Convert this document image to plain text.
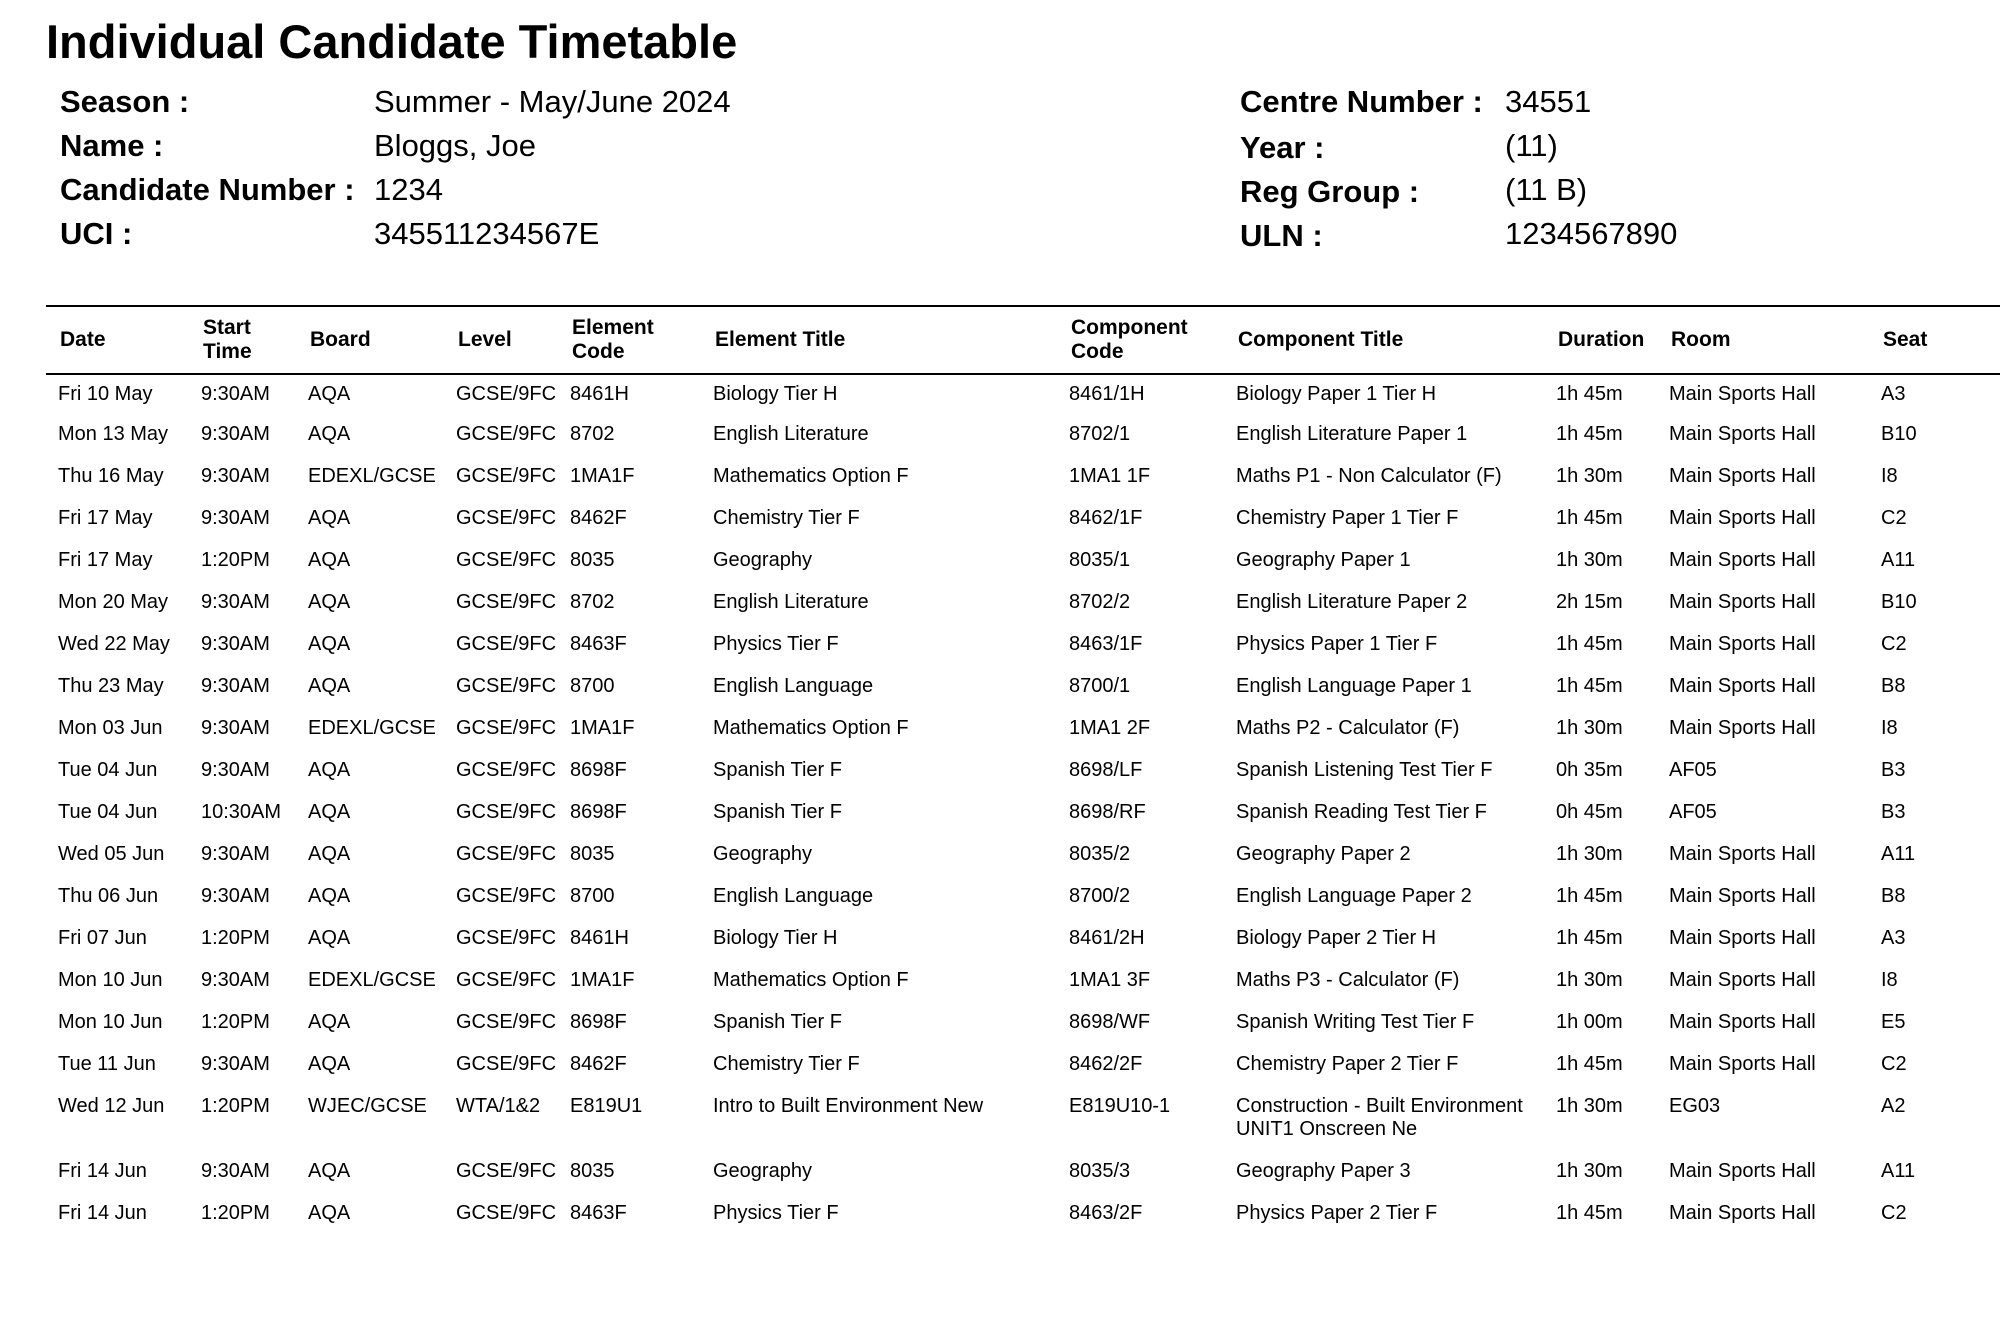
Individual Candidate Timetable
Season :	Summer - May/June 2024
Name :	Bloggs, Joe
Candidate Number : 1234
UCI :	345511234567E
Centre Number : 34551
Year :	(11)
Reg Group :	(11 B)
ULN :	1234567890
Date	Start Time	Board	Level	Element Code	Element Title	Component Code	Component Title	Duration	Room	Seat
Fri 10 May	9:30AM	AQA	GCSE/9FC	8461H	Biology Tier H	8461/1H	Biology Paper 1 Tier H	1h 45m	Main Sports Hall	A3
Mon 13 May	9:30AM	AQA	GCSE/9FC	8702	English Literature	8702/1	English Literature Paper 1	1h 45m	Main Sports Hall	B10
Thu 16 May	9:30AM	EDEXL/GCSE	GCSE/9FC	1MA1F	Mathematics Option F	1MA1 1F	Maths P1 - Non Calculator (F)	1h 30m	Main Sports Hall	I8
Fri 17 May	9:30AM	AQA	GCSE/9FC	8462F	Chemistry Tier F	8462/1F	Chemistry Paper 1 Tier F	1h 45m	Main Sports Hall	C2
Fri 17 May	1:20PM	AQA	GCSE/9FC	8035	Geography	8035/1	Geography Paper 1	1h 30m	Main Sports Hall	A11
Mon 20 May	9:30AM	AQA	GCSE/9FC	8702	English Literature	8702/2	English Literature Paper 2	2h 15m	Main Sports Hall	B10
Wed 22 May	9:30AM	AQA	GCSE/9FC	8463F	Physics Tier F	8463/1F	Physics Paper 1 Tier F	1h 45m	Main Sports Hall	C2
Thu 23 May	9:30AM	AQA	GCSE/9FC	8700	English Language	8700/1	English Language Paper 1	1h 45m	Main Sports Hall	B8
Mon 03 Jun	9:30AM	EDEXL/GCSE	GCSE/9FC	1MA1F	Mathematics Option F	1MA1 2F	Maths P2 - Calculator (F)	1h 30m	Main Sports Hall	I8
Tue 04 Jun	9:30AM	AQA	GCSE/9FC	8698F	Spanish Tier F	8698/LF	Spanish Listening Test Tier F	0h 35m	AF05	B3
Tue 04 Jun	10:30AM	AQA	GCSE/9FC	8698F	Spanish Tier F	8698/RF	Spanish Reading Test Tier F	0h 45m	AF05	B3
Wed 05 Jun	9:30AM	AQA	GCSE/9FC	8035	Geography	8035/2	Geography Paper 2	1h 30m	Main Sports Hall	A11
Thu 06 Jun	9:30AM	AQA	GCSE/9FC	8700	English Language	8700/2	English Language Paper 2	1h 45m	Main Sports Hall	B8
Fri 07 Jun	1:20PM	AQA	GCSE/9FC	8461H	Biology Tier H	8461/2H	Biology Paper 2 Tier H	1h 45m	Main Sports Hall	A3
Mon 10 Jun	9:30AM	EDEXL/GCSE	GCSE/9FC	1MA1F	Mathematics Option F	1MA1 3F	Maths P3 - Calculator (F)	1h 30m	Main Sports Hall	I8
Mon 10 Jun	1:20PM	AQA	GCSE/9FC	8698F	Spanish Tier F	8698/WF	Spanish Writing Test Tier F	1h 00m	Main Sports Hall	E5
Tue 11 Jun	9:30AM	AQA	GCSE/9FC	8462F	Chemistry Tier F	8462/2F	Chemistry Paper 2 Tier F	1h 45m	Main Sports Hall	C2
Wed 12 Jun	1:20PM	WJEC/GCSE	WTA/1&2	E819U1	Intro to Built Environment New	E819U10-1	Construction - Built Environment UNIT1 Onscreen Ne	1h 30m	EG03	A2
Fri 14 Jun	9:30AM	AQA	GCSE/9FC	8035	Geography	8035/3	Geography Paper 3	1h 30m	Main Sports Hall	A11
Fri 14 Jun	1:20PM	AQA	GCSE/9FC	8463F	Physics Tier F	8463/2F	Physics Paper 2 Tier F	1h 45m	Main Sports Hall	C2
